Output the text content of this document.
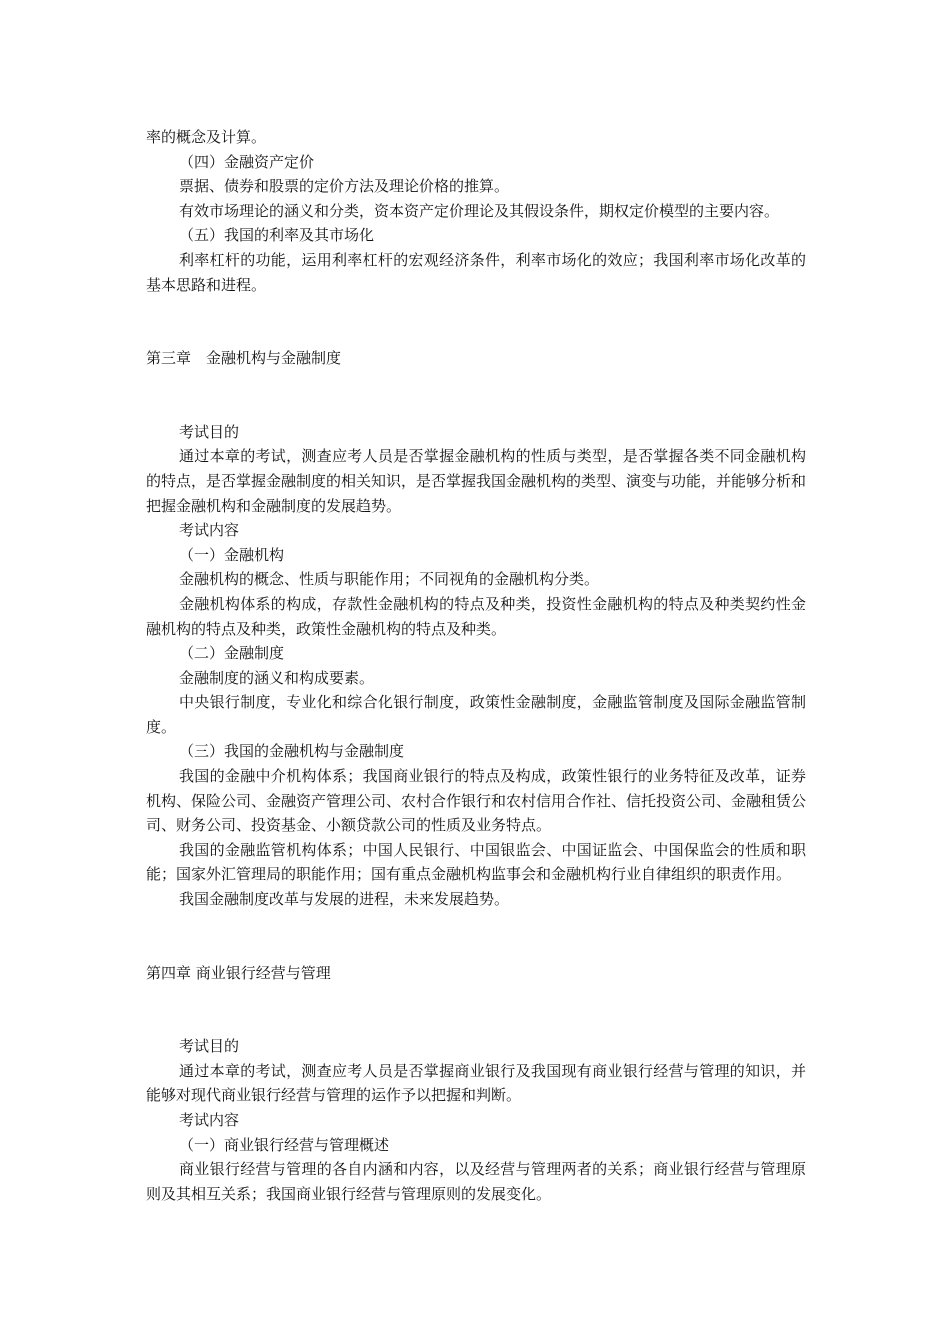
率的概念及计算。

（四）金融资产定价

票据、债券和股票的定价方法及理论价格的推算。

有效市场理论的涵义和分类，资本资产定价理论及其假设条件，期权定价模型的主要内容。

（五）我国的利率及其市场化

利率杠杆的功能，运用利率杠杆的宏观经济条件，利率市场化的效应；我国利率市场化改革的基本思路和进程。

第三章　金融机构与金融制度

考试目的

通过本章的考试，测查应考人员是否掌握金融机构的性质与类型，是否掌握各类不同金融机构的特点，是否掌握金融制度的相关知识，是否掌握我国金融机构的类型、演变与功能，并能够分析和把握金融机构和金融制度的发展趋势。

考试内容

（一）金融机构

金融机构的概念、性质与职能作用；不同视角的金融机构分类。

金融机构体系的构成，存款性金融机构的特点及种类，投资性金融机构的特点及种类契约性金融机构的特点及种类，政策性金融机构的特点及种类。

（二）金融制度

金融制度的涵义和构成要素。

中央银行制度，专业化和综合化银行制度，政策性金融制度，金融监管制度及国际金融监管制度。

（三）我国的金融机构与金融制度

我国的金融中介机构体系；我国商业银行的特点及构成，政策性银行的业务特征及改革，证券机构、保险公司、金融资产管理公司、农村合作银行和农村信用合作社、信托投资公司、金融租赁公司、财务公司、投资基金、小额贷款公司的性质及业务特点。

我国的金融监管机构体系；中国人民银行、中国银监会、中国证监会、中国保监会的性质和职能；国家外汇管理局的职能作用；国有重点金融机构监事会和金融机构行业自律组织的职责作用。

我国金融制度改革与发展的进程，未来发展趋势。

第四章 商业银行经营与管理

考试目的

通过本章的考试，测查应考人员是否掌握商业银行及我国现有商业银行经营与管理的知识，并能够对现代商业银行经营与管理的运作予以把握和判断。

考试内容

（一）商业银行经营与管理概述

商业银行经营与管理的各自内涵和内容，以及经营与管理两者的关系；商业银行经营与管理原则及其相互关系；我国商业银行经营与管理原则的发展变化。
